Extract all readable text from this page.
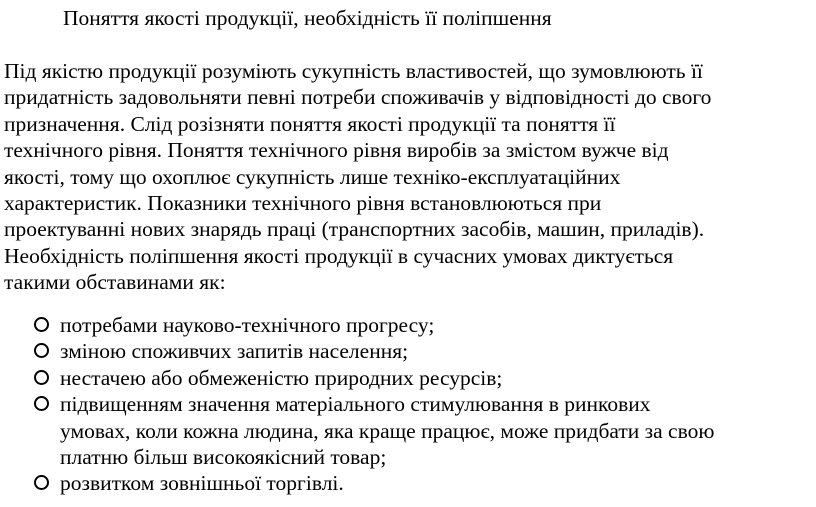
Поняття якості продукції, необхідність її поліпшення

Під якістю продукції розуміють сукупність властивостей, що зумовлюють її
придатність задовольняти певні потреби споживачів у відповідності до свого
призначення. Слід розізняти поняття якості продукції та поняття її
технічного рівня. Поняття технічного рівня виробів за змістом вужче від
якості, тому що охоплює сукупність лише техніко-експлуатаційних
характеристик. Показники технічного рівня встановлюються при
проектуванні нових знарядь праці (транспортних засобів, машин, приладів).
Необхідність поліпшення якості продукції в сучасних умовах диктується
такими обставинами як:

потребами науково-технічного прогресу;
зміною споживчих запитів населення;
нестачею або обмеженістю природних ресурсів;
підвищенням значення матеріального стимулювання в ринкових
умовах, коли кожна людина, яка краще працює, може придбати за свою
платню більш високоякісний товар;
розвитком зовнішньої торгівлі.
